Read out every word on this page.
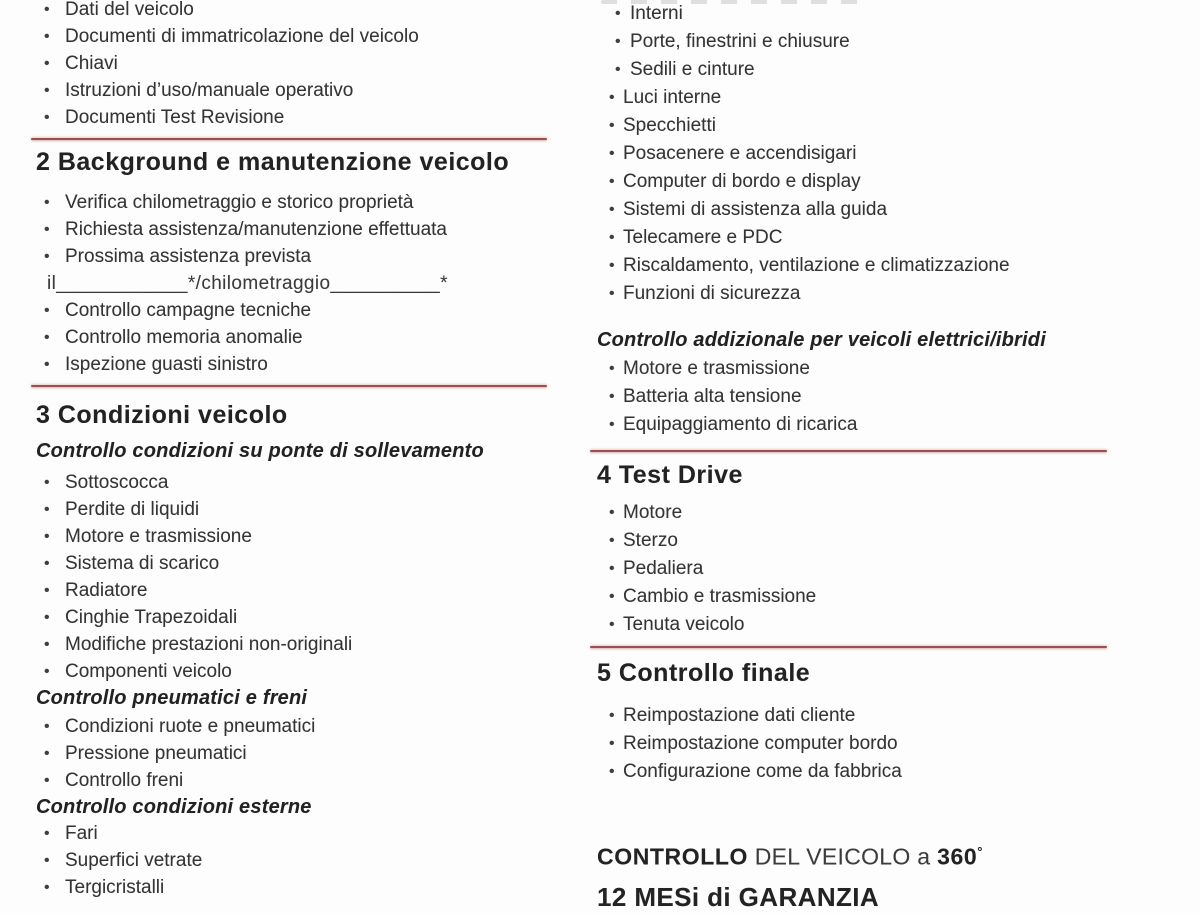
• Dati del veicolo
• Documenti di immatricolazione del veicolo
• Chiavi
• Istruzioni d’uso/manuale operativo
• Documenti Test Revisione
2 Background e manutenzione veicolo
• Verifica chilometraggio e storico proprietà
• Richiesta assistenza/manutenzione effettuata
• Prossima assistenza prevista
il____________*/chilometraggio__________*
• Controllo campagne tecniche
• Controllo memoria anomalie
• Ispezione guasti sinistro
3 Condizioni veicolo
Controllo condizioni su ponte di sollevamento
• Sottoscocca
• Perdite di liquidi
• Motore e trasmissione
• Sistema di scarico
• Radiatore
• Cinghie Trapezoidali
• Modifiche prestazioni non-originali
• Componenti veicolo
Controllo pneumatici e freni
• Condizioni ruote e pneumatici
• Pressione pneumatici
• Controllo freni
Controllo condizioni esterne
• Fari
• Superfici vetrate
• Tergicristalli
• Interni
• Porte, finestrini e chiusure
• Sedili e cinture
• Luci interne
• Specchietti
• Posacenere e accendisigari
• Computer di bordo e display
• Sistemi di assistenza alla guida
• Telecamere e PDC
• Riscaldamento, ventilazione e climatizzazione
• Funzioni di sicurezza
Controllo addizionale per veicoli elettrici/ibridi
• Motore e trasmissione
• Batteria alta tensione
• Equipaggiamento di ricarica
4 Test Drive
• Motore
• Sterzo
• Pedaliera
• Cambio e trasmissione
• Tenuta veicolo
5 Controllo finale
• Reimpostazione dati cliente
• Reimpostazione computer bordo
• Configurazione come da fabbrica
CONTROLLO DEL VEICOLO a 360°
12 MESi di GARANZIA
